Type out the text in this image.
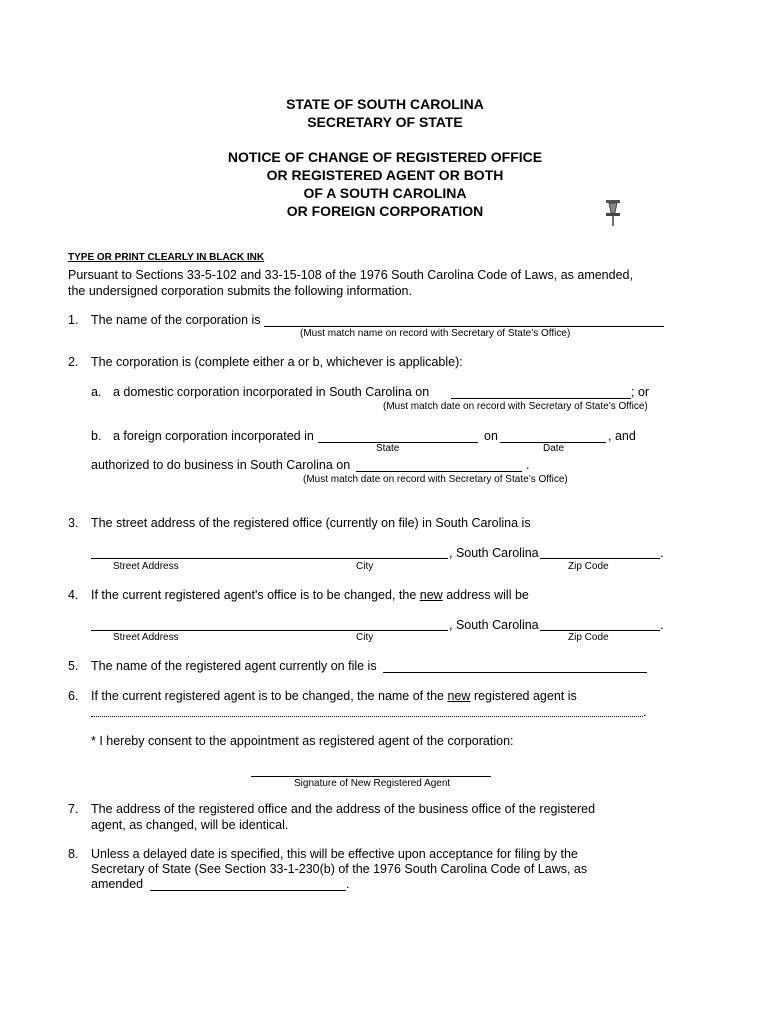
STATE OF SOUTH CAROLINA
SECRETARY OF STATE
NOTICE OF CHANGE OF REGISTERED OFFICE
OR REGISTERED AGENT OR BOTH
OF A SOUTH CAROLINA
OR FOREIGN CORPORATION
TYPE OR PRINT CLEARLY IN BLACK INK
Pursuant to Sections 33-5-102 and 33-15-108 of the 1976 South Carolina Code of Laws, as amended,
the undersigned corporation submits the following information.
1. The name of the corporation is
(Must match name on record with Secretary of State’s Office)
2. The corporation is (complete either a or b, whichever is applicable):
a. a domestic corporation incorporated in South Carolina on	; or
(Must match date on record with Secretary of State’s Office)
b. a foreign corporation incorporated in	on	, and
State	Date
authorized to do business in South Carolina on	.
(Must match date on record with Secretary of State’s Office)
3. The street address of the registered office (currently on file) in South Carolina is
, South Carolina	.
Street Address	City	Zip Code
4. If the current registered agent's office is to be changed, the new address will be
, South Carolina	.
Street Address	City	Zip Code
5. The name of the registered agent currently on file is
6. If the current registered agent is to be changed, the name of the new registered agent is
.
* I hereby consent to the appointment as registered agent of the corporation:
Signature of New Registered Agent
7. The address of the registered office and the address of the business office of the registered
agent, as changed, will be identical.
8. Unless a delayed date is specified, this will be effective upon acceptance for filing by the
Secretary of State (See Section 33-1-230(b) of the 1976 South Carolina Code of Laws, as
amended	.
